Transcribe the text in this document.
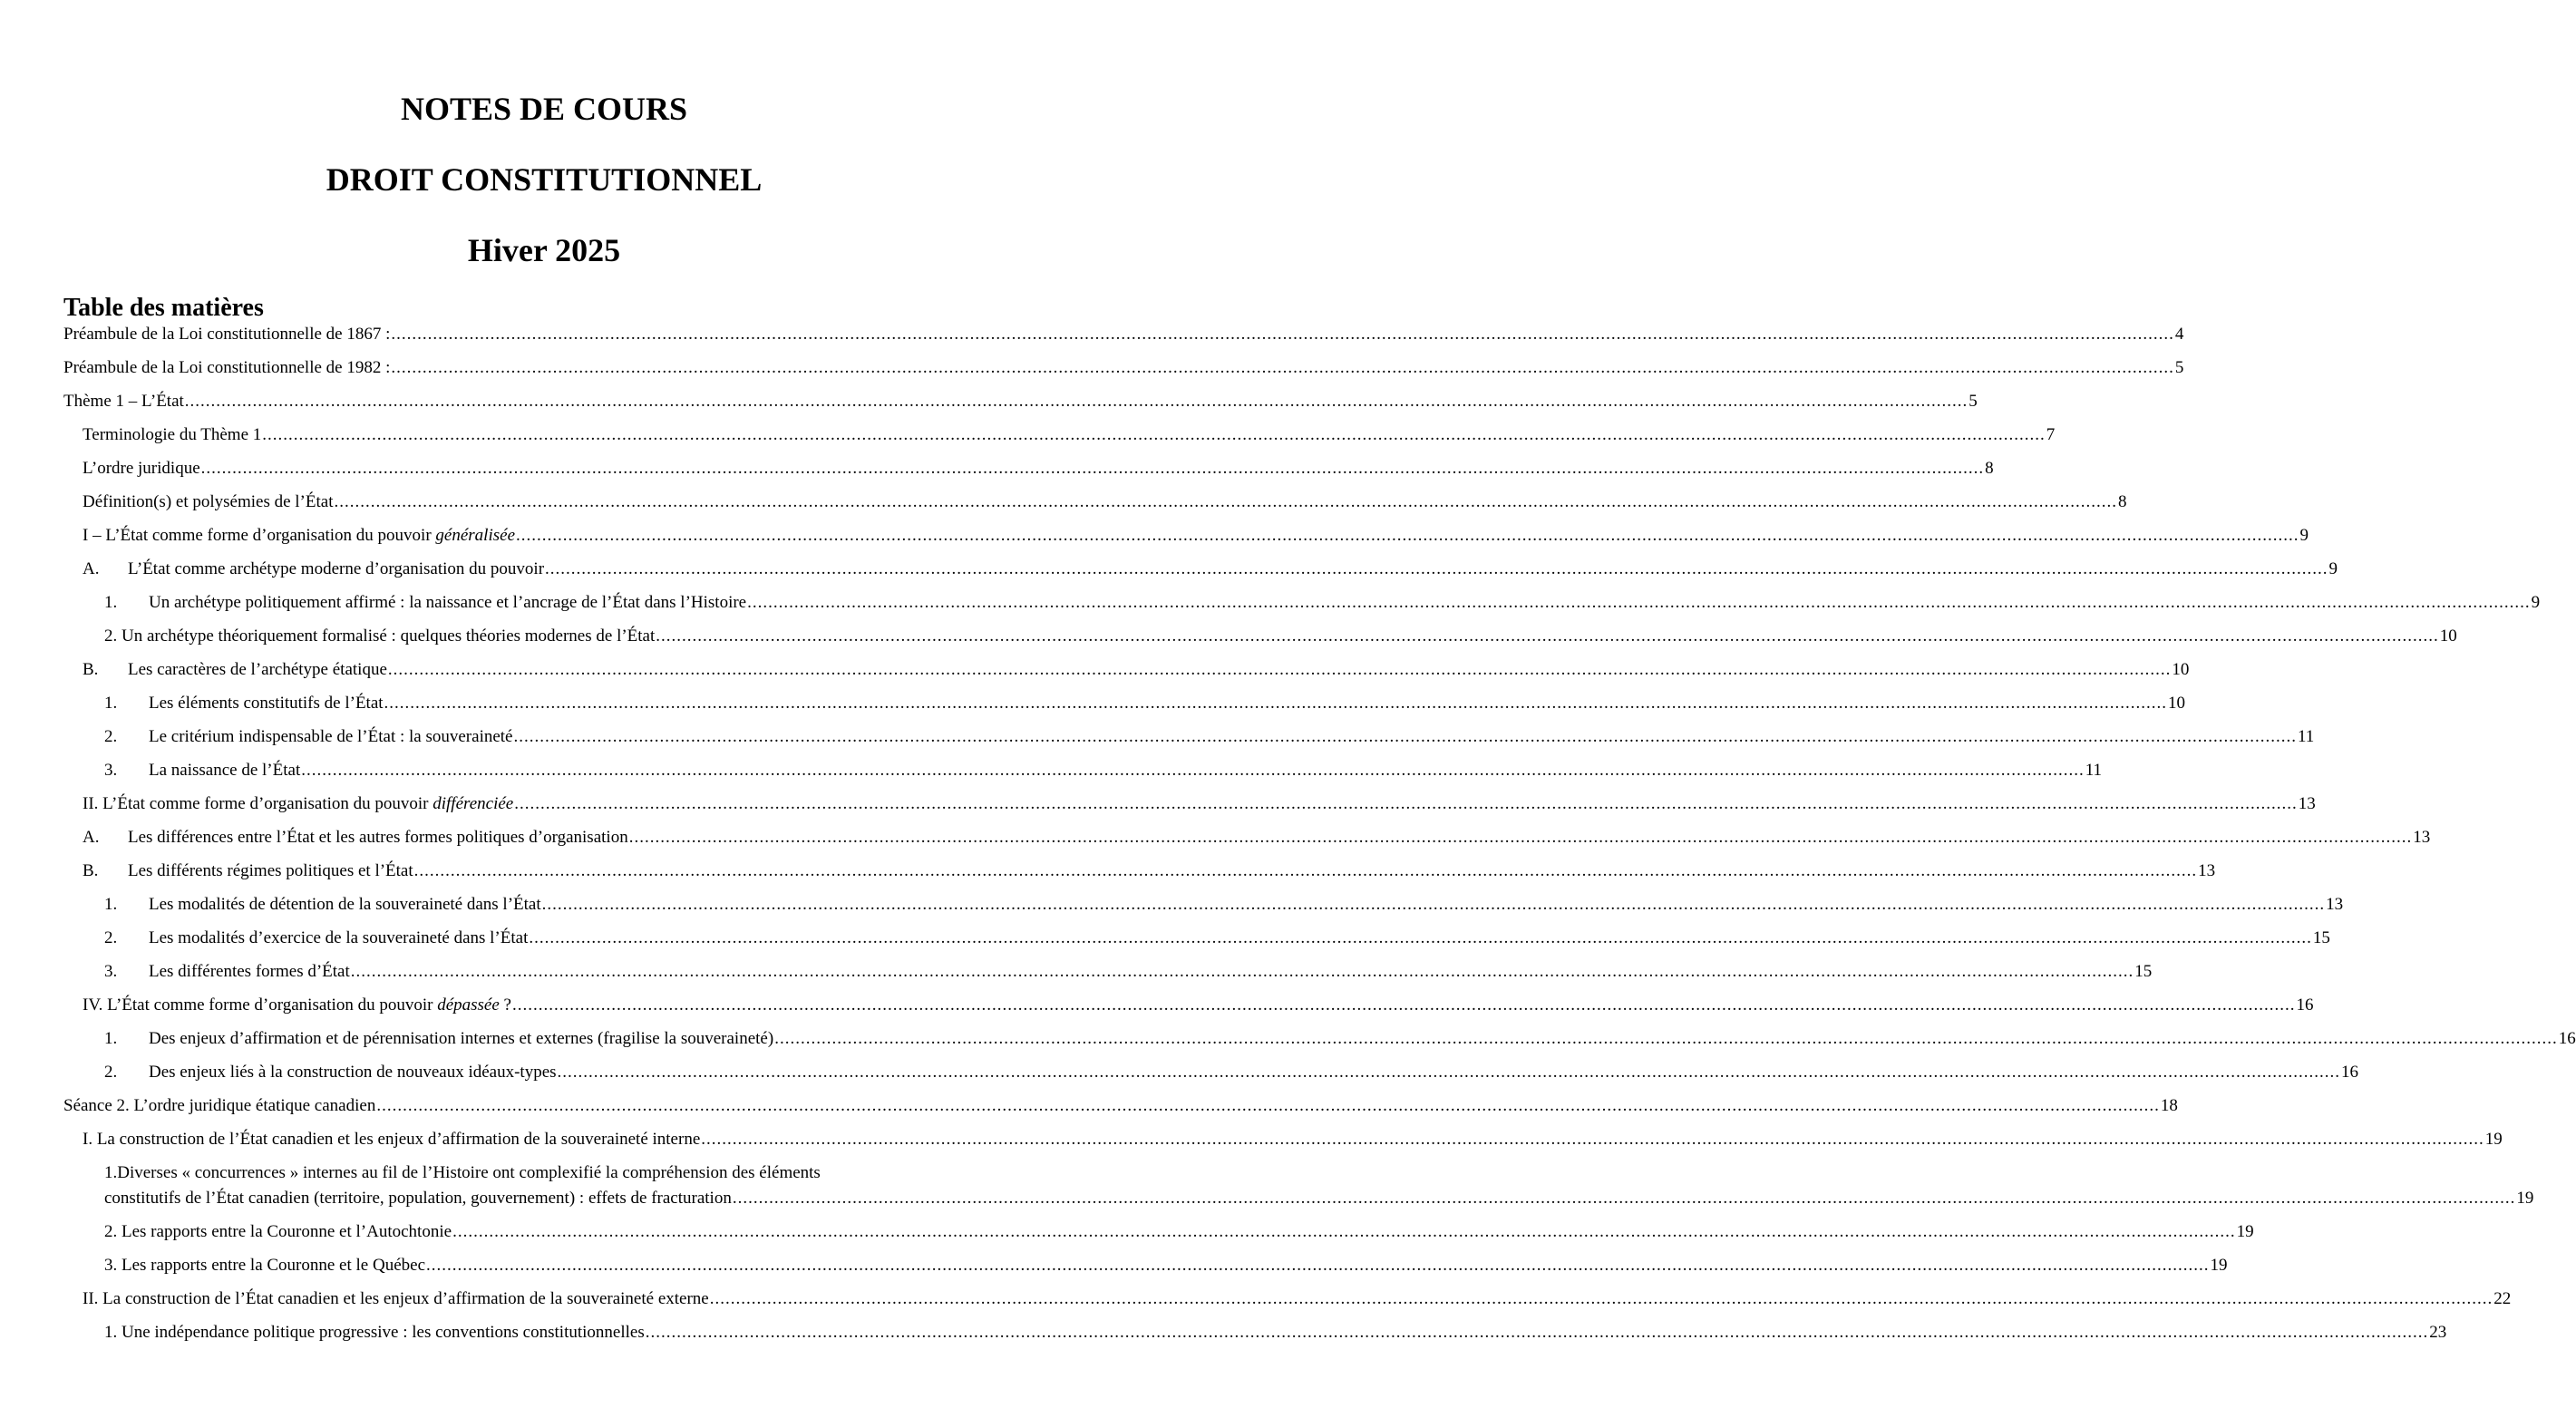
NOTES DE COURS
DROIT CONSTITUTIONNEL
Hiver 2025
Table des matières
Préambule de la Loi constitutionnelle de 1867 : .....	4
Préambule de la Loi constitutionnelle de 1982 : .....	5
Thème 1 – L’État .....	5
Terminologie du Thème 1 .....	7
L’ordre juridique .....	8
Définition(s) et polysémies de l’État .....	8
I – L’État comme forme d’organisation du pouvoir généralisée .....	9
A.	L’État comme archétype moderne d’organisation du pouvoir .....	9
1.	Un archétype politiquement affirmé : la naissance et l’ancrage de l’État dans l’Histoire .....	9
2. Un archétype théoriquement formalisé : quelques théories modernes de l’État .....	10
B.	Les caractères de l’archétype étatique .....	10
1.	Les éléments constitutifs de l’État .....	10
2.	Le critérium indispensable de l’État : la souveraineté .....	11
3.	La naissance de l’État .....	11
II. L’État comme forme d’organisation du pouvoir différenciée .....	13
A.	Les différences entre l’État et les autres formes politiques d’organisation .....	13
B.	Les différents régimes politiques et l’État .....	13
1.	Les modalités de détention de la souveraineté dans l’État .....	13
2.	Les modalités d’exercice de la souveraineté dans l’État .....	15
3.	Les différentes formes d’État .....	15
IV. L’État comme forme d’organisation du pouvoir dépassée ? .....	16
1.	Des enjeux d’affirmation et de pérennisation internes et externes (fragilise la souveraineté) .....	16
2.	Des enjeux liés à la construction de nouveaux idéaux-types .....	16
Séance 2. L’ordre juridique étatique canadien .....	18
I. La construction de l’État canadien et les enjeux d’affirmation de la souveraineté interne .....	19
1.Diverses « concurrences » internes au fil de l’Histoire ont complexifié la compréhension des éléments
constitutifs de l’État canadien (territoire, population, gouvernement) : effets de fracturation .....	19
2. Les rapports entre la Couronne et l’Autochtonie .....	19
3. Les rapports entre la Couronne et le Québec .....	19
II. La construction de l’État canadien et les enjeux d’affirmation de la souveraineté externe .....	22
1. Une indépendance politique progressive : les conventions constitutionnelles .....	23
